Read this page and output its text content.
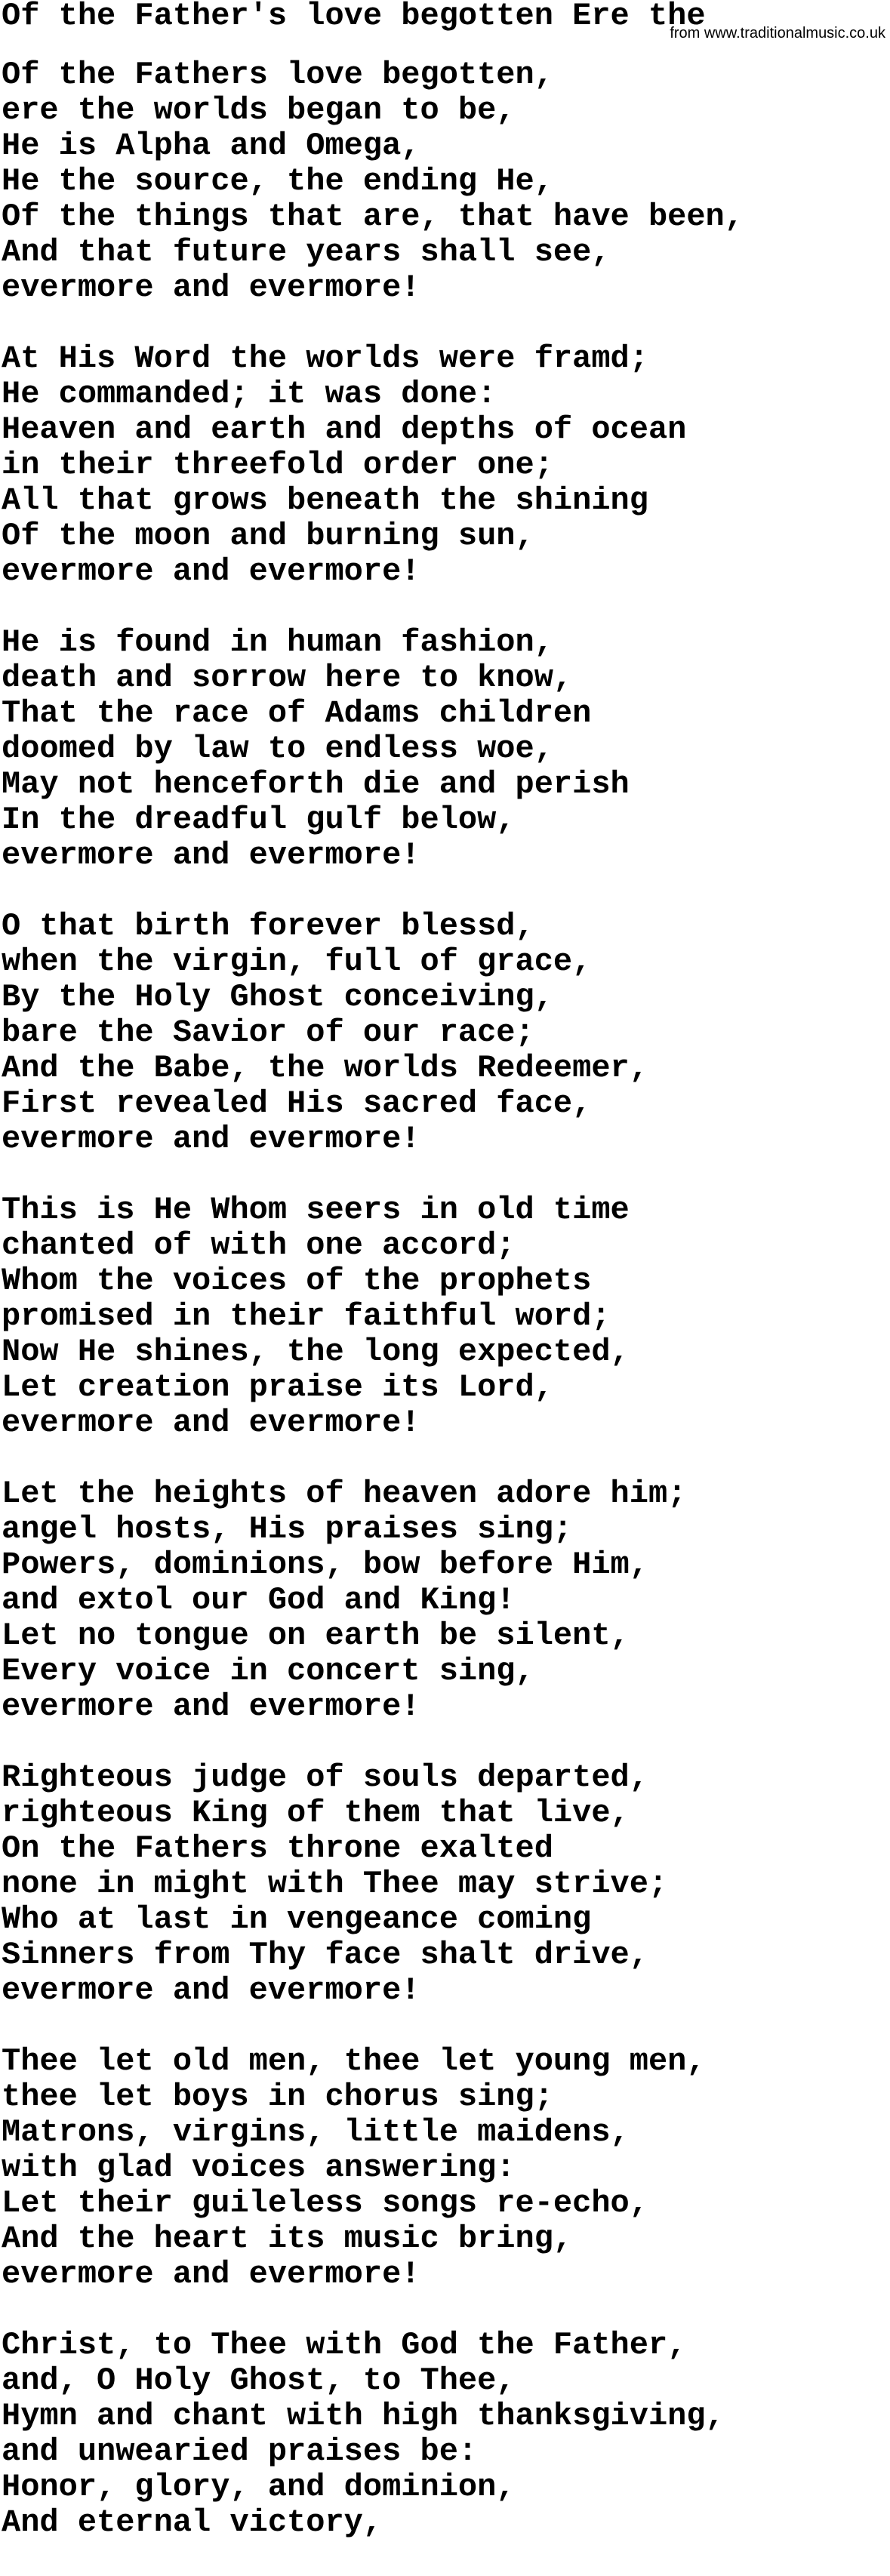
Of the Father's love begotten Ere the
from www.traditionalmusic.co.uk
Of the Fathers love begotten,
ere the worlds began to be,
He is Alpha and Omega,
He the source, the ending He,
Of the things that are, that have been,
And that future years shall see,
evermore and evermore!
At His Word the worlds were framd;
He commanded; it was done:
Heaven and earth and depths of ocean
in their threefold order one;
All that grows beneath the shining
Of the moon and burning sun,
evermore and evermore!
He is found in human fashion,
death and sorrow here to know,
That the race of Adams children
doomed by law to endless woe,
May not henceforth die and perish
In the dreadful gulf below,
evermore and evermore!
O that birth forever blessd,
when the virgin, full of grace,
By the Holy Ghost conceiving,
bare the Savior of our race;
And the Babe, the worlds Redeemer,
First revealed His sacred face,
evermore and evermore!
This is He Whom seers in old time
chanted of with one accord;
Whom the voices of the prophets
promised in their faithful word;
Now He shines, the long expected,
Let creation praise its Lord,
evermore and evermore!
Let the heights of heaven adore him;
angel hosts, His praises sing;
Powers, dominions, bow before Him,
and extol our God and King!
Let no tongue on earth be silent,
Every voice in concert sing,
evermore and evermore!
Righteous judge of souls departed,
righteous King of them that live,
On the Fathers throne exalted
none in might with Thee may strive;
Who at last in vengeance coming
Sinners from Thy face shalt drive,
evermore and evermore!
Thee let old men, thee let young men,
thee let boys in chorus sing;
Matrons, virgins, little maidens,
with glad voices answering:
Let their guileless songs re-echo,
And the heart its music bring,
evermore and evermore!
Christ, to Thee with God the Father,
and, O Holy Ghost, to Thee,
Hymn and chant with high thanksgiving,
and unwearied praises be:
Honor, glory, and dominion,
And eternal victory,
